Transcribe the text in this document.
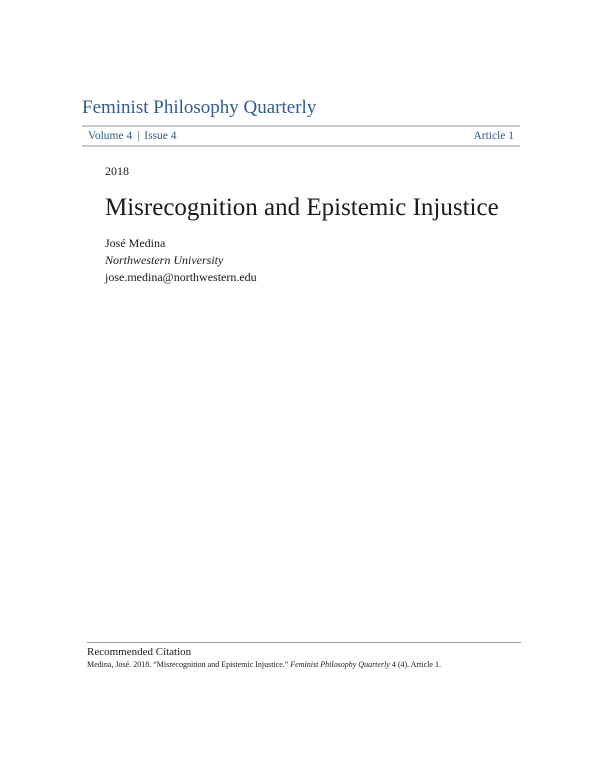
Feminist Philosophy Quarterly
Volume 4 | Issue 4	Article 1
2018
Misrecognition and Epistemic Injustice
José Medina
Northwestern University
jose.medina@northwestern.edu
Recommended Citation
Medina, José. 2018. “Misrecognition and Epistemic Injustice.” Feminist Philosophy Quarterly 4 (4). Article 1.
